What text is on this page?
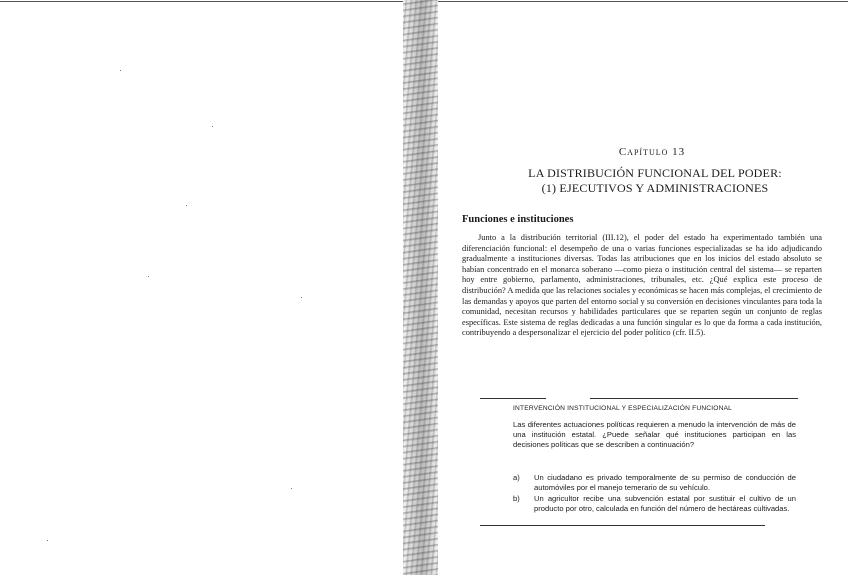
Capítulo 13
LA DISTRIBUCIÓN FUNCIONAL DEL PODER:
(1) EJECUTIVOS Y ADMINISTRACIONES
Funciones e instituciones
Junto a la distribución territorial (III.12), el poder del estado ha experimentado también una diferenciación funcional: el desempeño de una o varias funciones especializadas se ha ido adjudicando gradualmente a instituciones diversas. Todas las atribuciones que en los inicios del estado absoluto se habían concentrado en el monarca soberano —como pieza o institución central del sistema— se reparten hoy entre gobierno, parlamento, administraciones, tribunales, etc. ¿Qué explica este proceso de distribución? A medida que las relaciones sociales y económicas se hacen más complejas, el crecimiento de las demandas y apoyos que parten del entorno social y su conversión en decisiones vinculantes para toda la comunidad, necesitan recursos y habilidades particulares que se reparten según un conjunto de reglas específicas. Este sistema de reglas dedicadas a una función singular es lo que da forma a cada institución, contribuyendo a despersonalizar el ejercicio del poder político (cfr. II.5).
INTERVENCIÓN INSTITUCIONAL Y ESPECIALIZACIÓN FUNCIONAL
Las diferentes actuaciones políticas requieren a menudo la intervención de más de una institución estatal. ¿Puede señalar qué instituciones participan en las decisiones políticas que se describen a continuación?
a) Un ciudadano es privado temporalmente de su permiso de conducción de automóviles por el manejo temerario de su vehículo.
b) Un agricultor recibe una subvención estatal por sustituir el cultivo de un producto por otro, calculada en función del número de hectáreas cultivadas.
